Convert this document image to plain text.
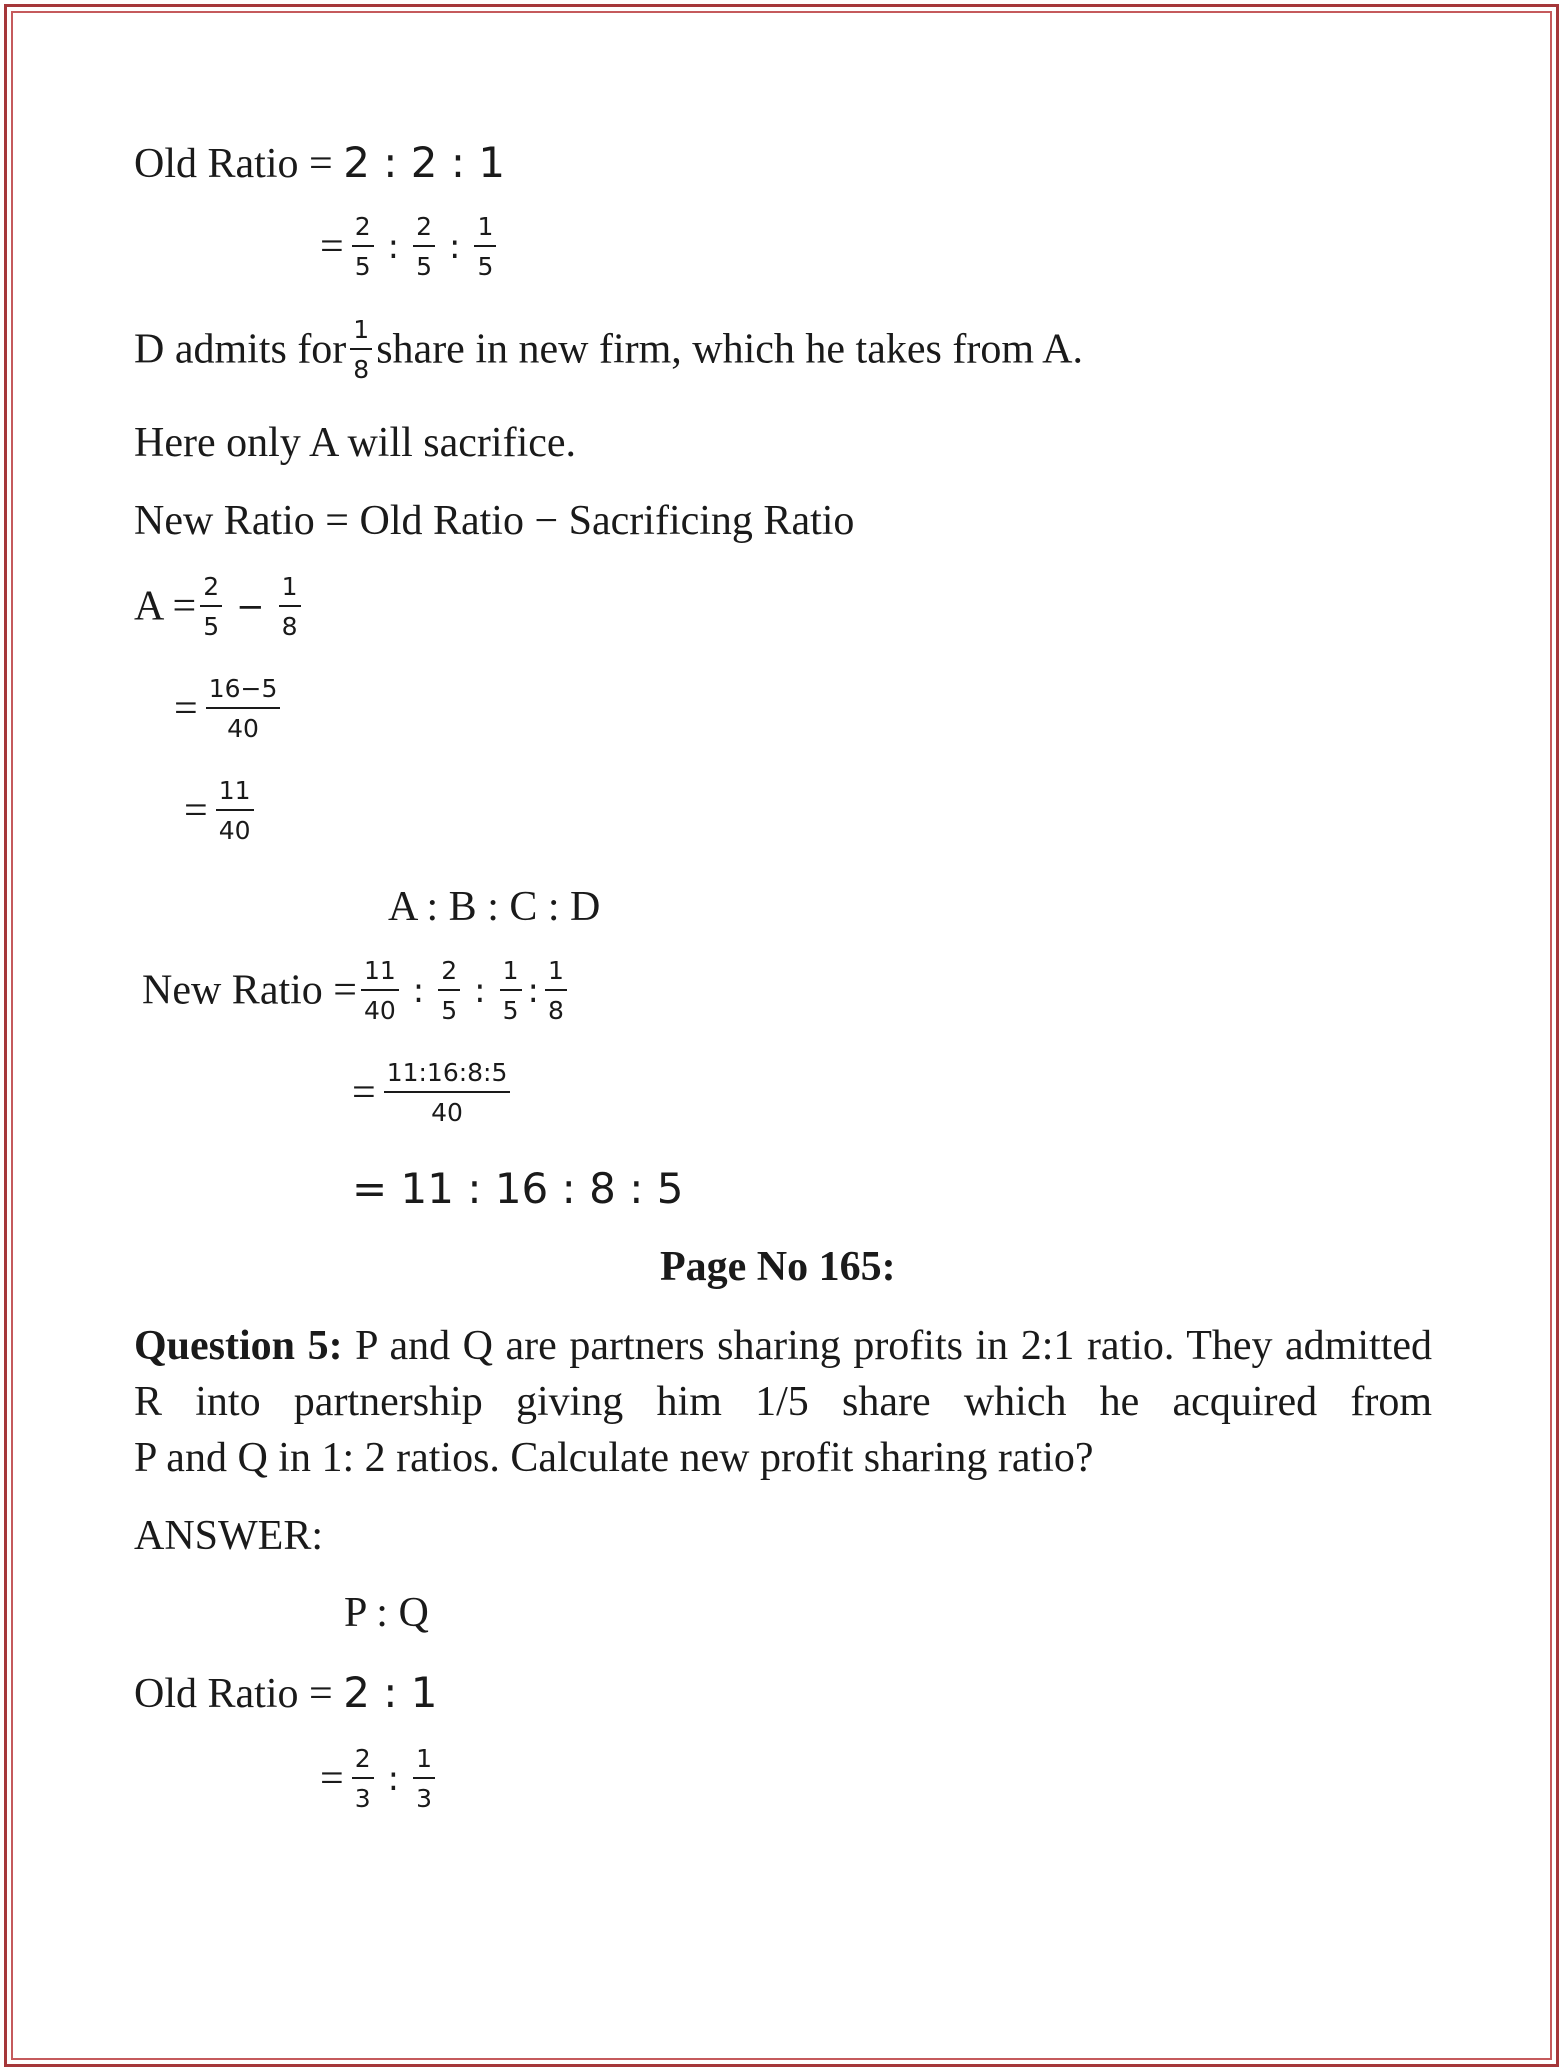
Old Ratio = 2 : 2 : 1
= $\frac{2}{5}$ : $\frac{2}{5}$ : $\frac{1}{5}$
D admits for $\frac{1}{8}$ share in new firm, which he takes from A.
Here only A will sacrifice.
New Ratio = Old Ratio − Sacrificing Ratio
$A = \frac{2}{5} - \frac{1}{8}$
= $\frac{16-5}{40}$
= $\frac{11}{40}$
A : B : C : D
New Ratio = $\frac{11}{40}$ : $\frac{2}{5}$ : $\frac{1}{5}$ : $\frac{1}{8}$
= $\frac{11:16:8:5}{40}$
= 11 : 16 : 8 : 5
Page No 165:
Question 5: P and Q are partners sharing profits in 2:1 ratio. They admitted R into partnership giving him 1/5 share which he acquired from
P and Q in 1: 2 ratios. Calculate new profit sharing ratio?
ANSWER:
P : Q
Old Ratio = 2 : 1
= $\frac{2}{3}$ : $\frac{1}{3}$
